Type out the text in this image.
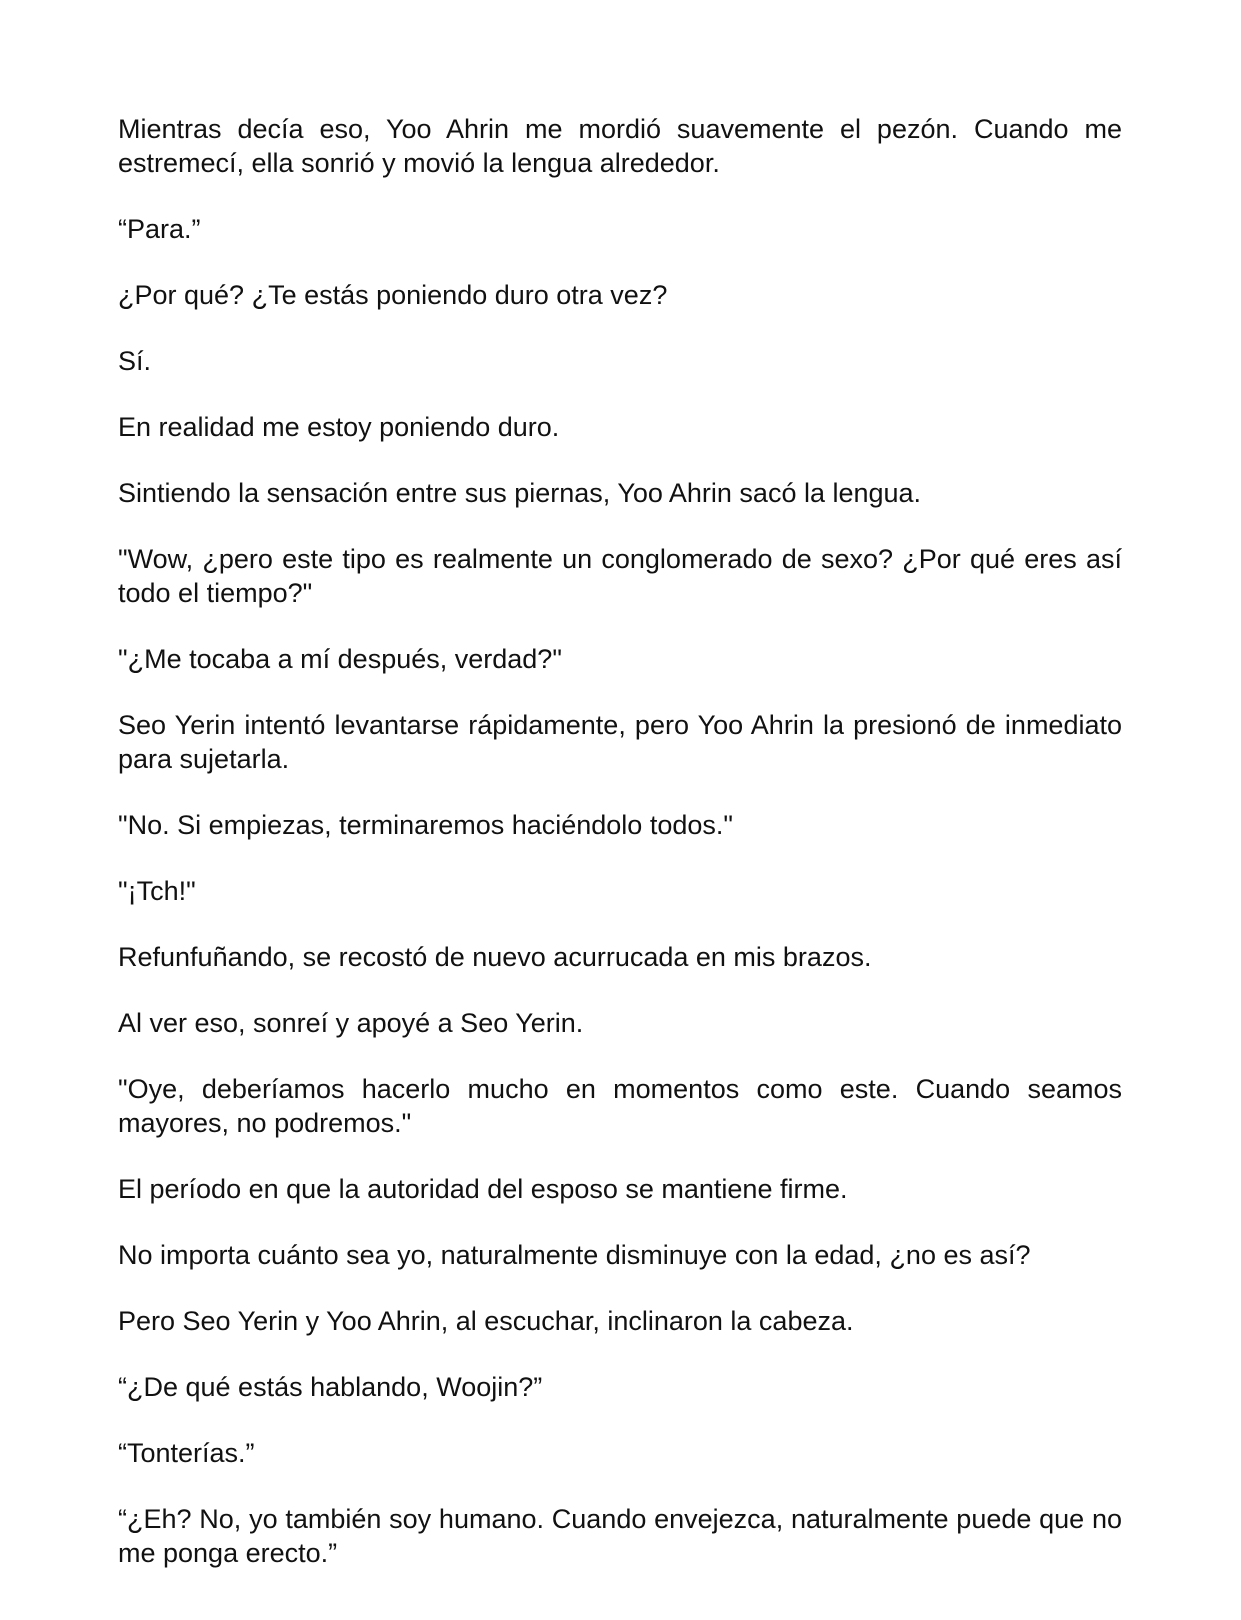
Mientras decía eso, Yoo Ahrin me mordió suavemente el pezón. Cuando me estremecí, ella sonrió y movió la lengua alrededor.

“Para.”

¿Por qué? ¿Te estás poniendo duro otra vez?

Sí.

En realidad me estoy poniendo duro.

Sintiendo la sensación entre sus piernas, Yoo Ahrin sacó la lengua.

"Wow, ¿pero este tipo es realmente un conglomerado de sexo? ¿Por qué eres así todo el tiempo?"

"¿Me tocaba a mí después, verdad?"

Seo Yerin intentó levantarse rápidamente, pero Yoo Ahrin la presionó de inmediato para sujetarla.

"No. Si empiezas, terminaremos haciéndolo todos."

"¡Tch!"

Refunfuñando, se recostó de nuevo acurrucada en mis brazos.

Al ver eso, sonreí y apoyé a Seo Yerin.

"Oye, deberíamos hacerlo mucho en momentos como este. Cuando seamos mayores, no podremos."

El período en que la autoridad del esposo se mantiene firme.

No importa cuánto sea yo, naturalmente disminuye con la edad, ¿no es así?

Pero Seo Yerin y Yoo Ahrin, al escuchar, inclinaron la cabeza.

“¿De qué estás hablando, Woojin?”

“Tonterías.”

“¿Eh? No, yo también soy humano. Cuando envejezca, naturalmente puede que no me ponga erecto.”
